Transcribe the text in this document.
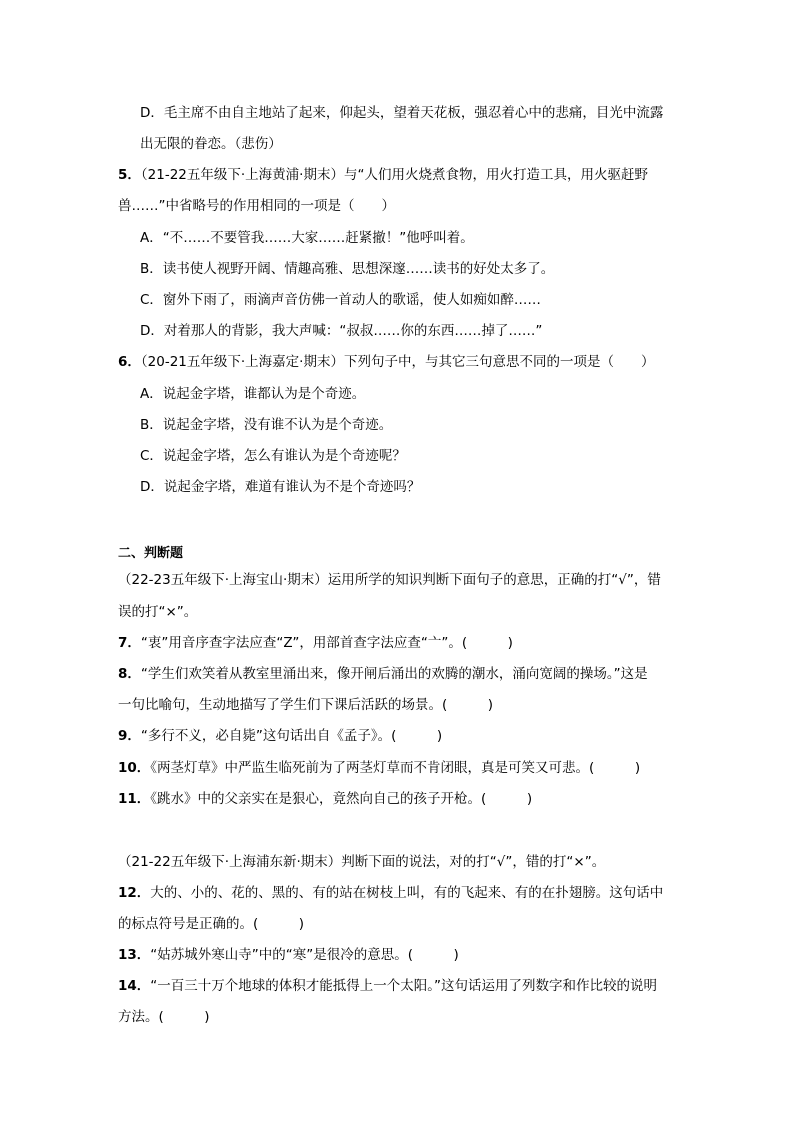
D．毛主席不由自主地站了起来，仰起头，望着天花板，强忍着心中的悲痛，目光中流露
出无限的眷恋。（悲伤）
5．（21-22五年级下·上海黄浦·期末）与“人们用火烧煮食物，用火打造工具，用火驱赶野
兽……”中省略号的作用相同的一项是（　　）
A．“不……不要管我……大家……赶紧撤！”他呼叫着。
B．读书使人视野开阔、情趣高雅、思想深邃……读书的好处太多了。
C．窗外下雨了，雨滴声音仿佛一首动人的歌谣，使人如痴如醉……
D．对着那人的背影，我大声喊：“叔叔……你的东西……掉了……”
6．（20-21五年级下·上海嘉定·期末）下列句子中，与其它三句意思不同的一项是（　　）
A．说起金字塔，谁都认为是个奇迹。
B．说起金字塔，没有谁不认为是个奇迹。
C．说起金字塔，怎么有谁认为是个奇迹呢？
D．说起金字塔，难道有谁认为不是个奇迹吗？
二、判断题
（22-23五年级下·上海宝山·期末）运用所学的知识判断下面句子的意思，正确的打“√”，错
误的打“×”。
7．“衷”用音序查字法应查“Z”，用部首查字法应查“亠”。(　　　)
8．“学生们欢笑着从教室里涌出来，像开闸后涌出的欢腾的潮水，涌向宽阔的操场。”这是
一句比喻句，生动地描写了学生们下课后活跃的场景。(　　　)
9．“多行不义，必自毙”这句话出自《孟子》。(　　　)
10．《两茎灯草》中严监生临死前为了两茎灯草而不肯闭眼，真是可笑又可悲。(　　　)
11．《跳水》中的父亲实在是狠心，竟然向自己的孩子开枪。(　　　)
（21-22五年级下·上海浦东新·期末）判断下面的说法，对的打“√”，错的打“×”。
12．大的、小的、花的、黑的、有的站在树枝上叫，有的飞起来、有的在扑翅膀。这句话中
的标点符号是正确的。(　　　)
13．“姑苏城外寒山寺”中的“寒”是很冷的意思。(　　　)
14．“一百三十万个地球的体积才能抵得上一个太阳。”这句话运用了列数字和作比较的说明
方法。(　　　)
